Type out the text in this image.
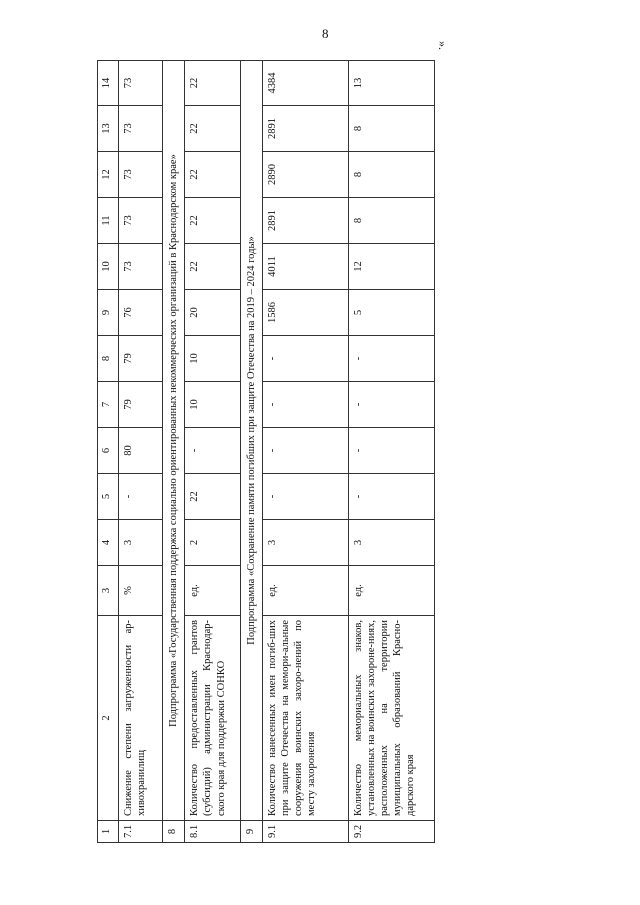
8
».
1	2	3	4	5	6	7	8	9	10	11	12	13	14
7.1	Снижение степени загруженности ар-хивохранилищ	%	3	-	80	79	79	76	73	73	73	73	73
8	Подпрограмма «Государственная поддержка социально ориентированных некоммерческих организаций в Краснодарском крае»												
8.1	Количество предоставленных грантов (субсидий) администрации Краснодар-ского края для поддержки СОНКО	ед.	2	22	-	10	10	20	22	22	22	22	22
9	Подпрограмма «Сохранение памяти погибших при защите Отечества на 2019 – 2024 годы»												
9.1	Количество нанесенных имен погиб-ших при защите Отечества на мемори-альные сооружения воинских захоро-нений по месту захоронения	ед.	3	-	-	-	-	1586	4011	2891	2890	2891	4384
9.2	Количество мемориальных знаков, установленных на воинских захороне-ниях, расположенных на территории муниципальных образований Красно-дарского края	ед.	3	-	-	-	-	5	12	8	8	8	13
